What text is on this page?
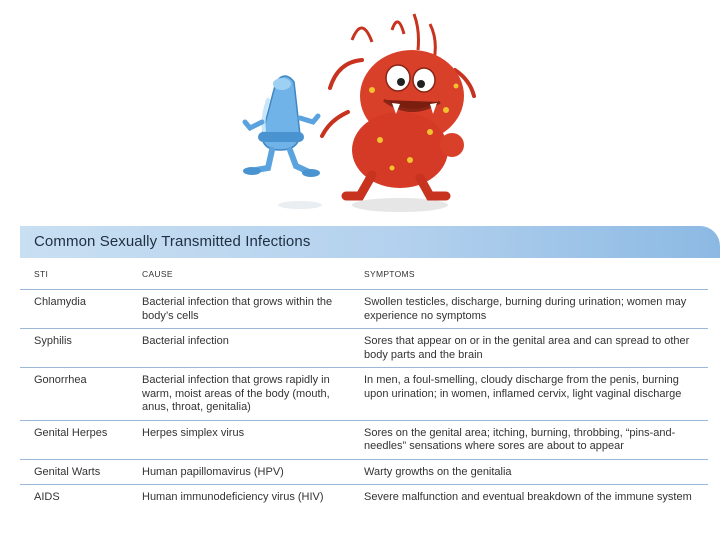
Common Sexually Transmitted Infections
STI	CAUSE	SYMPTOMS
Chlamydia	Bacterial infection that grows within the body’s cells	Swollen testicles, discharge, burning during urination; women may experience no symptoms
Syphilis	Bacterial infection	Sores that appear on or in the genital area and can spread to other body parts and the brain
Gonorrhea	Bacterial infection that grows rapidly in warm, moist areas of the body (mouth, anus, throat, genitalia)	In men, a foul-smelling, cloudy discharge from the penis, burning upon urination; in women, inflamed cervix, light vaginal discharge
Genital Herpes	Herpes simplex virus	Sores on the genital area; itching, burning, throbbing, “pins-and-needles” sensations where sores are about to appear
Genital Warts	Human papillomavirus (HPV)	Warty growths on the genitalia
AIDS	Human immunodeficiency virus (HIV)	Severe malfunction and eventual breakdown of the immune system
